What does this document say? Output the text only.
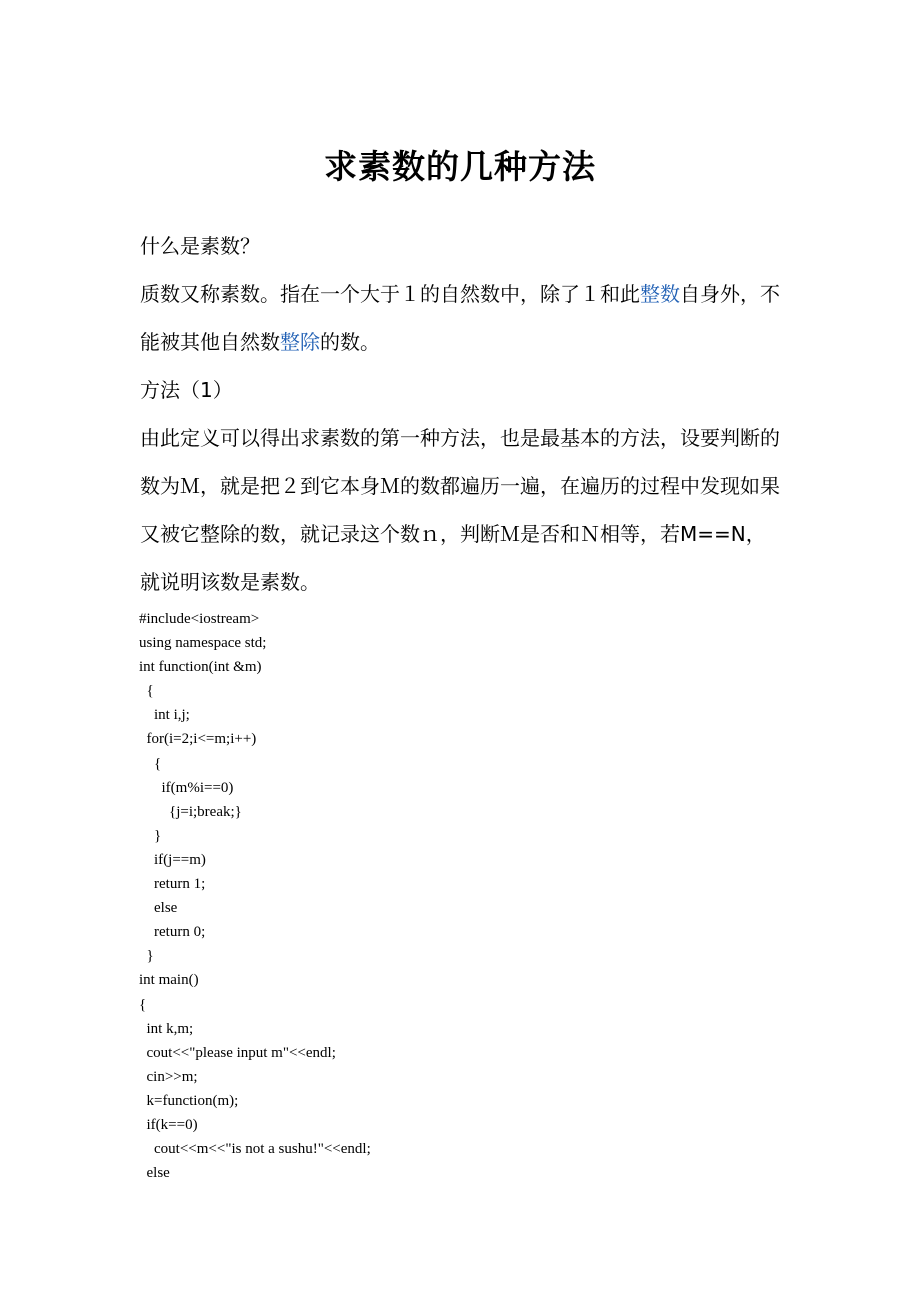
求素数的几种方法

什么是素数？

质数又称素数。指在一个大于１的自然数中，除了１和此整数自身外，不能被其他自然数整除的数。

方法（1）

由此定义可以得出求素数的第一种方法，也是最基本的方法，设要判断的数为Ｍ，就是把２到它本身Ｍ的数都遍历一遍，在遍历的过程中发现如果又被它整除的数，就记录这个数ｎ，判断Ｍ是否和Ｎ相等，若M==N，就说明该数是素数。

#include<iostream>
using namespace std;
int function(int &m)
{
int i,j;
for(i=2;i<=m;i++)
{
if(m%i==0)
{j=i;break;}
}
if(j==m)
return 1;
else
return 0;
}
int main()
{
int k,m;
cout<<"please input m"<<endl;
cin>>m;
k=function(m);
if(k==0)
cout<<m<<"is not a sushu!"<<endl;
else
